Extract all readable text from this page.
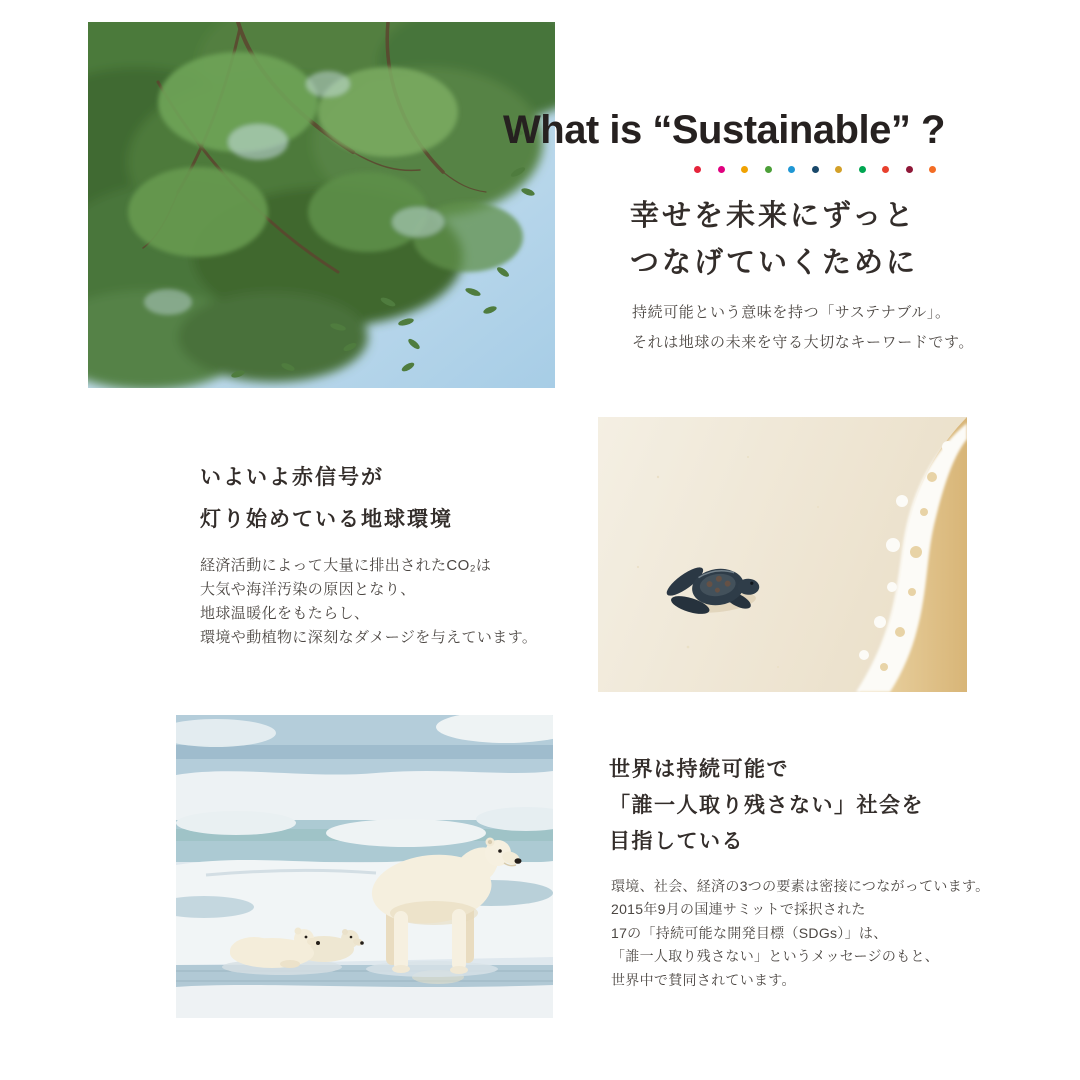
What is “Sustainable” ?
幸せを未来にずっと
つなげていくために
持続可能という意味を持つ「サステナブル」。
それは地球の未来を守る大切なキーワードです。
いよいよ赤信号が
灯り始めている地球環境
経済活動によって大量に排出されたCO₂は
大気や海洋汚染の原因となり、
地球温暖化をもたらし、
環境や動植物に深刻なダメージを与えています。
世界は持続可能で
「誰一人取り残さない」社会を
目指している
環境、社会、経済の3つの要素は密接につながっています。
2015年9月の国連サミットで採択された
17の「持続可能な開発目標（SDGs）」は、
「誰一人取り残さない」というメッセージのもと、
世界中で賛同されています。
